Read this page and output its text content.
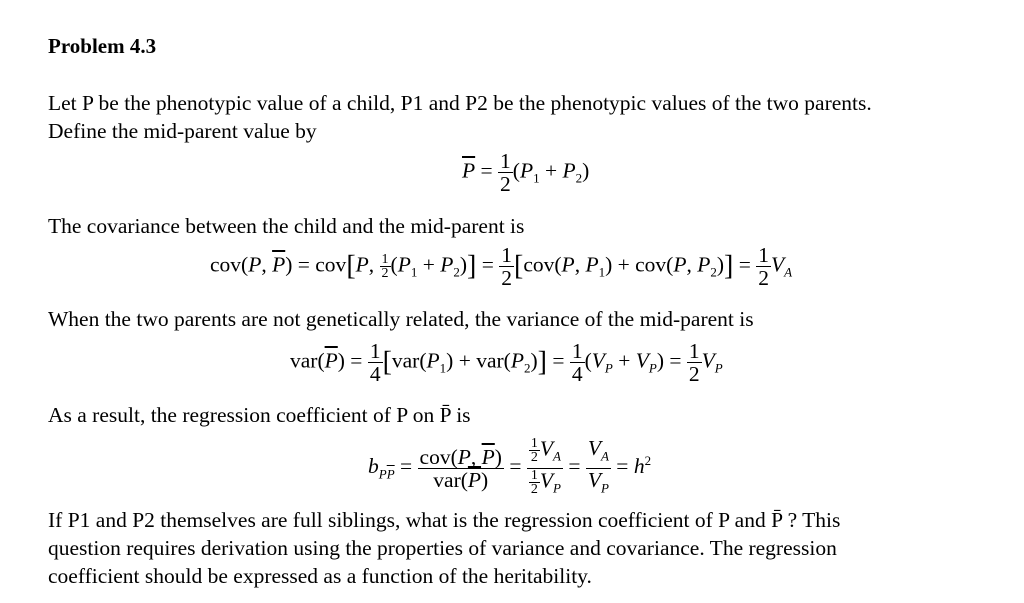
Problem 4.3
Let P be the phenotypic value of a child, P1 and P2 be the phenotypic values of the two parents.
Define the mid-parent value by
$\overline{P} = \frac{1}{2} (P_1 + P_2)$
The covariance between the child and the mid-parent is
cov(P, $\overline{P}) = cov[P$, $\frac{1}{2} (P_1 + P_2)] = \frac{1}{2} [cov(P$, $P_1) + cov(P$, $P_2)] = \frac{1}{2} V_A$
When the two parents are not genetically related, the variance of the mid-parent is
$var(\overline{P}) = \frac{1}{4} [var(P_1) + var(P_2)] = \frac{1}{4} (V_P + V_P) = \frac{1}{2} V_P$
As a result, the regression coefficient of P on P̄ is
$b_{P\overline{P}} = \frac{cov(P, \overline{P})}{var(\overline{P})} = \frac{\frac{1}{2} V_A}{\frac{1}{2} V_P} = \frac{V_A}{V_P} = h^2$
If P1 and P2 themselves are full siblings, what is the regression coefficient of P and P̄ ? This
question requires derivation using the properties of variance and covariance. The regression
coefficient should be expressed as a function of the heritability.
